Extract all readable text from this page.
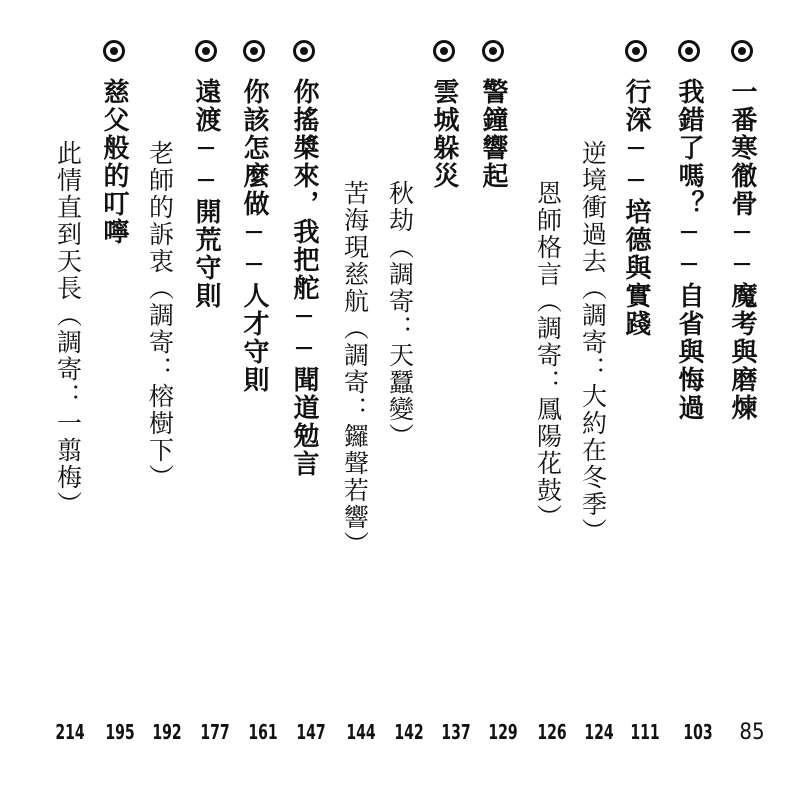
一番寒徹骨──魔考與磨煉
85
我錯了嗎？──自省與悔過
103
行深──培德與實踐
111
逆境衝過去（調寄：大約在冬季）
124
恩師格言（調寄：鳳陽花鼓）
126
警鐘響起
129
雲城躲災
137
秋劫（調寄：天蠶變）
142
苦海現慈航（調寄：鑼聲若響）
144
你搖槳來，我把舵──聞道勉言
147
你該怎麼做──人才守則
161
遠渡──開荒守則
177
老師的訴衷（調寄：榕樹下）
192
慈父般的叮嚀
195
此情直到天長（調寄：一翦梅）
214
